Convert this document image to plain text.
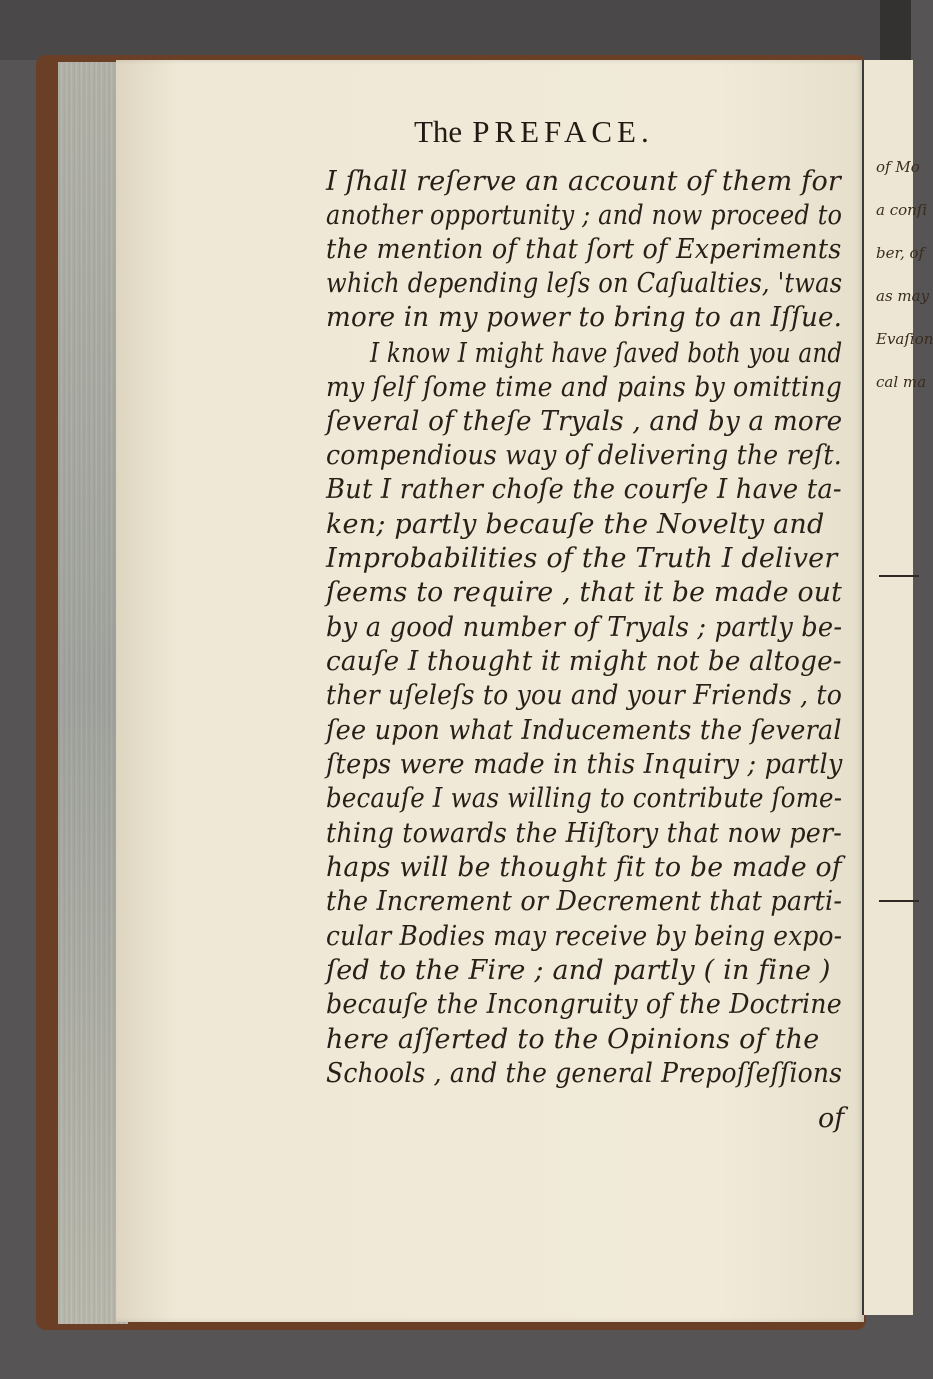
of Mo
a conſi
ber, of
as may
Evaſion
cal ma
The PREFACE.

I ſhall reſerve an account of them for

another opportunity ; and now proceed to

the mention of that ſort of Experiments

which depending leſs on Caſualties, 'twas

more in my power to bring to an Iſſue.

I know I might have ſaved both you and

my ſelf ſome time and pains by omitting

ſeveral of theſe Tryals , and by a more

compendious way of delivering the reſt.

But I rather choſe the courſe I have ta-

ken; partly becauſe the Novelty and

Improbabilities of the Truth I deliver

ſeems to require , that it be made out

by a good number of Tryals ; partly be-

cauſe I thought it might not be altoge-

ther uſeleſs to you and your Friends , to

ſee upon what Inducements the ſeveral

ſteps were made in this Inquiry ; partly

becauſe I was willing to contribute ſome-

thing towards the Hiſtory that now per-

haps will be thought fit to be made of

the Increment or Decrement that parti-

cular Bodies may receive by being expo-

ſed to the Fire ; and partly ( in fine )

becauſe the Incongruity of the Doctrine

here aſſerted to the Opinions of the

Schools , and the general Prepoſſeſſions

of
